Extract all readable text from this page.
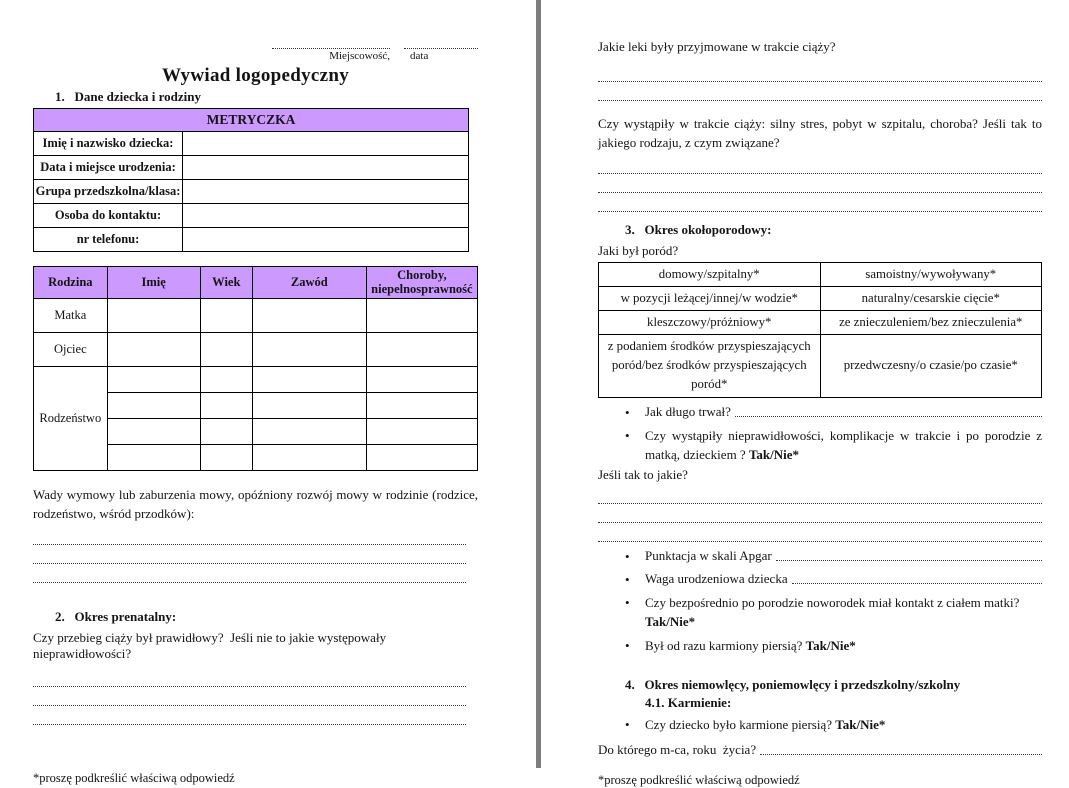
Miejscowość,	data
Wywiad logopedyczny
1.   Dane dziecka i rodziny
METRYCZKA	
Imię i nazwisko dziecka:	
Data i miejsce urodzenia:	
Grupa przedszkolna/klasa:	
Osoba do kontaktu:	
nr telefonu:	
Rodzina	Imię	Wiek	Zawód	Choroby, niepelnosprawność
Matka				
Ojciec				
Rodzeństwo				

Wady wymowy lub zaburzenia mowy, opóźniony rozwój mowy w rodzinie (rodzice, rodzeństwo, wśród przodków):
2.   Okres prenatalny:
Czy przebieg ciąży był prawidłowy?  Jeśli nie to jakie występowały nieprawidłowości?
*proszę podkreślić właściwą odpowiedź
Jakie leki były przyjmowane w trakcie ciąży?
Czy wystąpiły w trakcie ciąży: silny stres, pobyt w szpitalu, choroba? Jeśli tak to jakiego rodzaju, z czym związane?
3.   Okres okołoporodowy:
Jaki był poród?
domowy/szpitalny*	samoistny/wywoływany*
w pozycji leżącej/innej/w wodzie*	naturalny/cesarskie cięcie*
kleszczowy/próżniowy*	ze znieczuleniem/bez znieczulenia*
z podaniem środków przyspieszających poród/bez środków przyspieszających poród*	przedwczesny/o czasie/po czasie*
•	Jak długo trwał?
•	Czy wystąpiły nieprawidłowości, komplikacje w trakcie i po porodzie z matką, dzieckiem ? Tak/Nie*
Jeśli tak to jakie?
•	Punktacja w skali Apgar
•	Waga urodzeniowa dziecka
•	Czy bezpośrednio po porodzie noworodek miał kontakt z ciałem matki? Tak/Nie*
•	Był od razu karmiony piersią? Tak/Nie*
4.   Okres niemowlęcy, poniemowlęcy i przedszkolny/szkolny
4.1. Karmienie:
•	Czy dziecko było karmione piersią? Tak/Nie*
Do którego m-ca, roku  życia?
*proszę podkreślić właściwą odpowiedź
